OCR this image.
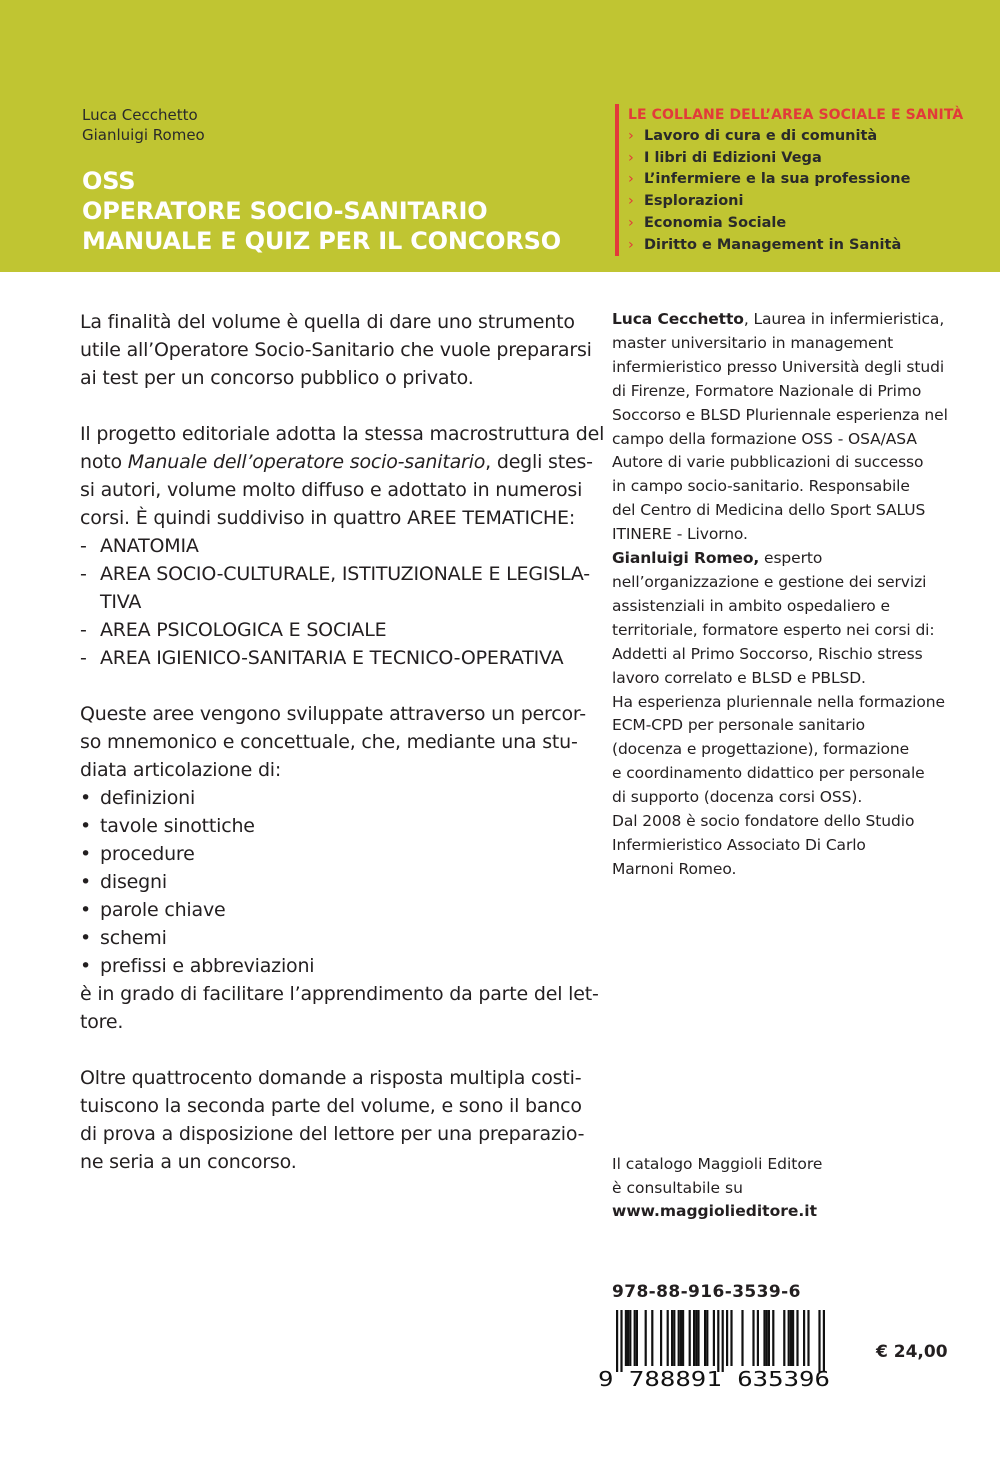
Luca Cecchetto
Gianluigi Romeo
OSS
OPERATORE SOCIO-SANITARIO
MANUALE E QUIZ PER IL CONCORSO
LE COLLANE DELL’AREA SOCIALE E SANITÀ
› Lavoro di cura e di comunità
› I libri di Edizioni Vega
› L’infermiere e la sua professione
› Esplorazioni
› Economia Sociale
› Diritto e Management in Sanità

La finalità del volume è quella di dare uno strumento
utile all’Operatore Socio-Sanitario che vuole prepararsi
ai test per un concorso pubblico o privato.

Il progetto editoriale adotta la stessa macrostruttura del
noto Manuale dell’operatore socio-sanitario, degli stes-
si autori, volume molto diffuso e adottato in numerosi
corsi. È quindi suddiviso in quattro AREE TEMATICHE:
- ANATOMIA
- AREA SOCIO-CULTURALE, ISTITUZIONALE E LEGISLA-
TIVA
- AREA PSICOLOGICA E SOCIALE
- AREA IGIENICO-SANITARIA E TECNICO-OPERATIVA

Queste aree vengono sviluppate attraverso un percor-
so mnemonico e concettuale, che, mediante una stu-
diata articolazione di:
• definizioni
• tavole sinottiche
• procedure
• disegni
• parole chiave
• schemi
• prefissi e abbreviazioni
è in grado di facilitare l’apprendimento da parte del let-
tore.

Oltre quattrocento domande a risposta multipla costi-
tuiscono la seconda parte del volume, e sono il banco
di prova a disposizione del lettore per una preparazio-
ne seria a un concorso.

Luca Cecchetto, Laurea in infermieristica,
master universitario in management
infermieristico presso Università degli studi
di Firenze, Formatore Nazionale di Primo
Soccorso e BLSD Pluriennale esperienza nel
campo della formazione OSS - OSA/ASA
Autore di varie pubblicazioni di successo
in campo socio-sanitario. Responsabile
del Centro di Medicina dello Sport SALUS
ITINERE - Livorno.
Gianluigi Romeo, esperto
nell’organizzazione e gestione dei servizi
assistenziali in ambito ospedaliero e
territoriale, formatore esperto nei corsi di:
Addetti al Primo Soccorso, Rischio stress
lavoro correlato e BLSD e PBLSD.
Ha esperienza pluriennale nella formazione
ECM-CPD per personale sanitario
(docenza e progettazione), formazione
e coordinamento didattico per personale
di supporto (docenza corsi OSS).
Dal 2008 è socio fondatore dello Studio
Infermieristico Associato Di Carlo
Marnoni Romeo.
Il catalogo Maggioli Editore
è consultabile su
www.maggiolieditore.it
978-88-916-3539-6
9 788891 635396
€ 24,00
